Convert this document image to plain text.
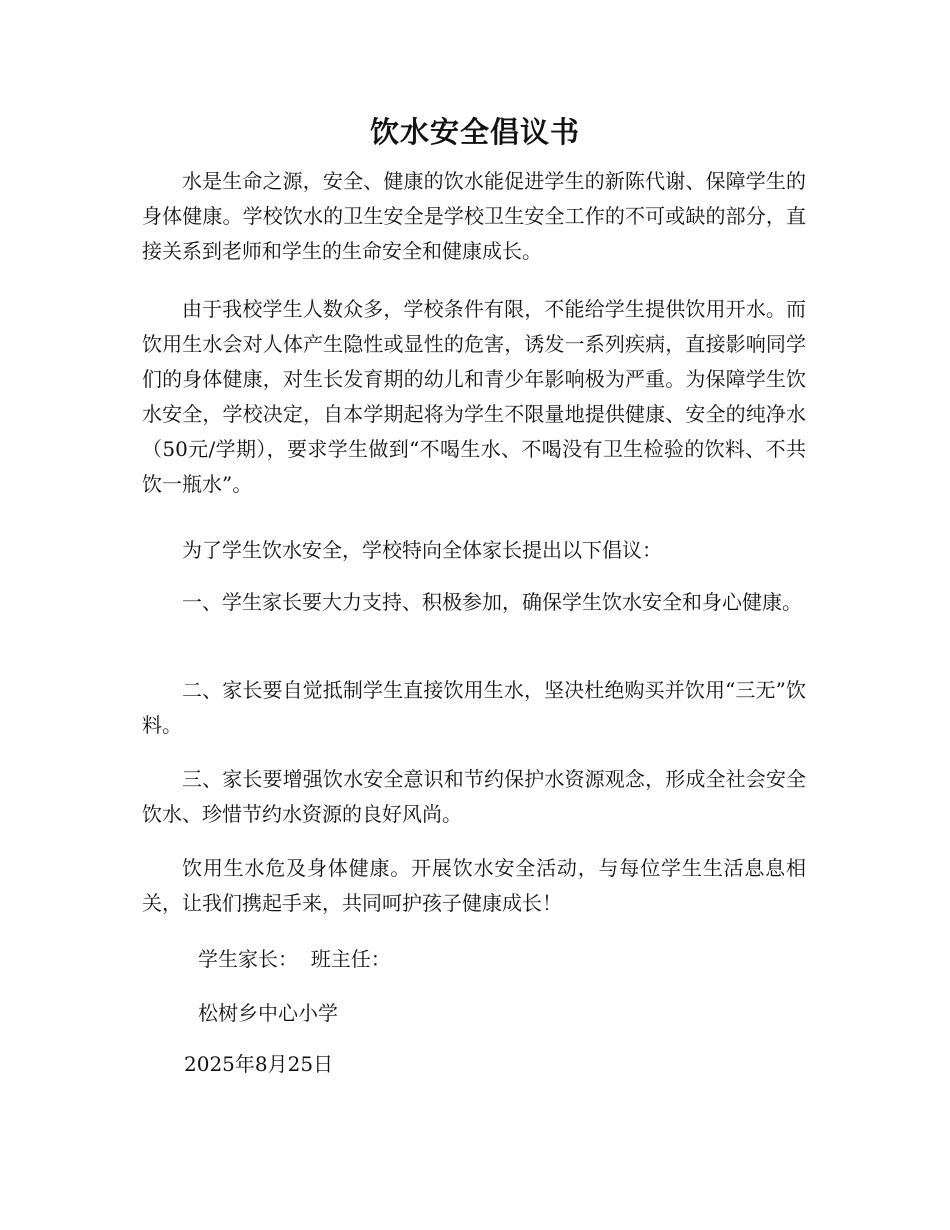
饮水安全倡议书

水是生命之源，安全、健康的饮水能促进学生的新陈代谢、保障学生的身体健康。学校饮水的卫生安全是学校卫生安全工作的不可或缺的部分，直接关系到老师和学生的生命安全和健康成长。

由于我校学生人数众多，学校条件有限，不能给学生提供饮用开水。而饮用生水会对人体产生隐性或显性的危害，诱发一系列疾病，直接影响同学们的身体健康，对生长发育期的幼儿和青少年影响极为严重。为保障学生饮水安全，学校决定，自本学期起将为学生不限量地提供健康、安全的纯净水（50元/学期），要求学生做到“不喝生水、不喝没有卫生检验的饮料、不共饮一瓶水”。

为了学生饮水安全，学校特向全体家长提出以下倡议：

一、学生家长要大力支持、积极参加，确保学生饮水安全和身心健康。

二、家长要自觉抵制学生直接饮用生水，坚决杜绝购买并饮用“三无”饮料。

三、家长要增强饮水安全意识和节约保护水资源观念，形成全社会安全饮水、珍惜节约水资源的良好风尚。

饮用生水危及身体健康。开展饮水安全活动，与每位学生生活息息相关，让我们携起手来，共同呵护孩子健康成长！

学生家长：  班主任：
松树乡中心小学
2025年8月25日
